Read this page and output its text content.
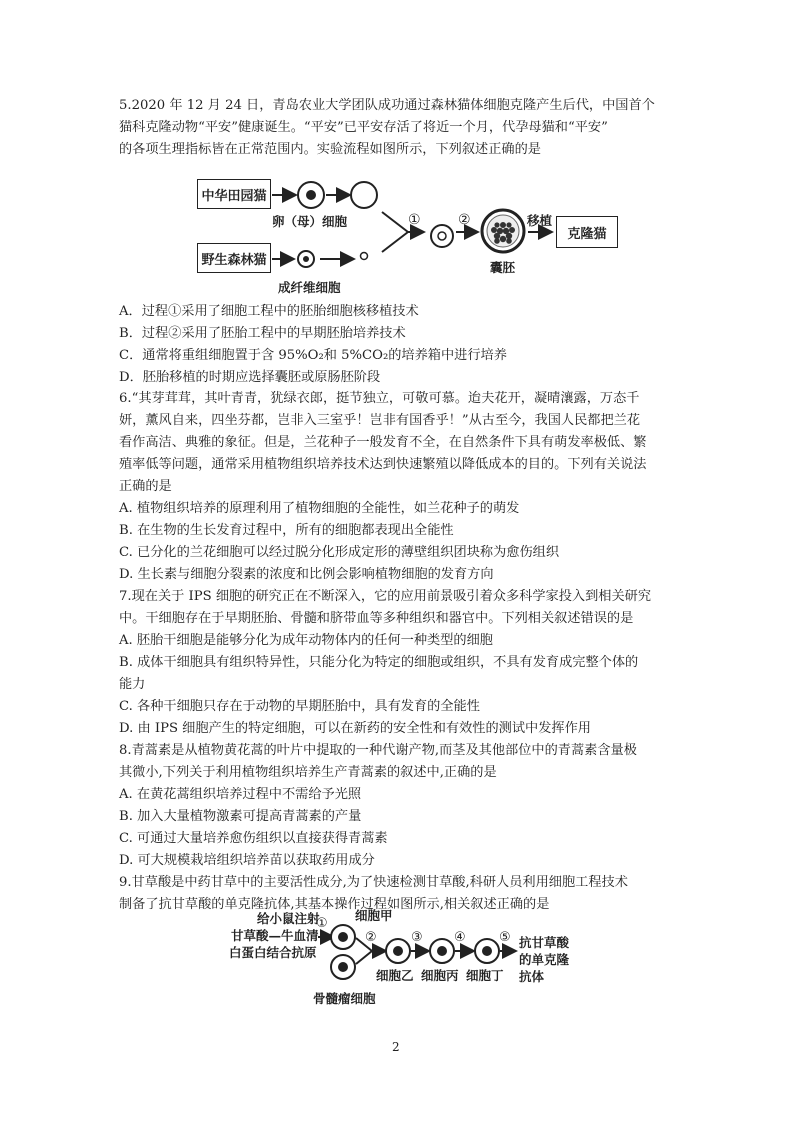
5.2020 年 12 月 24 日，青岛农业大学团队成功通过森林猫体细胞克隆产生后代，中国首个
猫科克隆动物“平安”健康诞生。“平安”已平安存活了将近一个月，代孕母猫和“平安”
的各项生理指标皆在正常范围内。实验流程如图所示，下列叙述正确的是
中华田园猫
野生森林猫
克隆猫
卵（母）细胞
成纤维细胞
①	②
囊胚
移植
A．过程①采用了细胞工程中的胚胎细胞核移植技术
B．过程②采用了胚胎工程中的早期胚胎培养技术
C．通常将重组细胞置于含 95%O₂和 5%CO₂的培养箱中进行培养
D．胚胎移植的时期应选择囊胚或原肠胚阶段
6.“其芽茸茸，其叶青青，犹绿衣郎，挺节独立，可敬可慕。迨夫花开，凝晴瀼露，万态千
妍，薰风自来，四坐芬都，岂非入三室乎！岂非有国香乎！”从古至今，我国人民都把兰花
看作高洁、典雅的象征。但是，兰花种子一般发育不全，在自然条件下具有萌发率极低、繁
殖率低等问题，通常采用植物组织培养技术达到快速繁殖以降低成本的目的。下列有关说法
正确的是
A. 植物组织培养的原理利用了植物细胞的全能性，如兰花种子的萌发
B. 在生物的生长发育过程中，所有的细胞都表现出全能性
C. 已分化的兰花细胞可以经过脱分化形成定形的薄壁组织团块称为愈伤组织
D. 生长素与细胞分裂素的浓度和比例会影响植物细胞的发育方向
7.现在关于 IPS 细胞的研究正在不断深入，它的应用前景吸引着众多科学家投入到相关研究
中。干细胞存在于早期胚胎、骨髓和脐带血等多种组织和器官中。下列相关叙述错误的是
A. 胚胎干细胞是能够分化为成年动物体内的任何一种类型的细胞
B. 成体干细胞具有组织特异性，只能分化为特定的细胞或组织，不具有发育成完整个体的
能力
C. 各种干细胞只存在于动物的早期胚胎中，具有发育的全能性
D. 由 IPS 细胞产生的特定细胞，可以在新药的安全性和有效性的测试中发挥作用
8.青蒿素是从植物黄花蒿的叶片中提取的一种代谢产物,而茎及其他部位中的青蒿素含量极
其微小,下列关于利用植物组织培养生产青蒿素的叙述中,正确的是
A. 在黄花蒿组织培养过程中不需给予光照
B. 加入大量植物激素可提高青蒿素的产量
C. 可通过大量培养愈伤组织以直接获得青蒿素
D. 可大规模栽培组织培养苗以获取药用成分
9.甘草酸是中药甘草中的主要活性成分,为了快速检测甘草酸,科研人员利用细胞工程技术
制备了抗甘草酸的单克隆抗体,其基本操作过程如图所示,相关叙述正确的是
给小鼠注射
甘草酸—牛血清
白蛋白结合抗原
细胞甲
①
②	③ ④	⑤
细胞乙 细胞丙 细胞丁
骨髓瘤细胞
抗甘草酸
的单克隆
抗体
2
